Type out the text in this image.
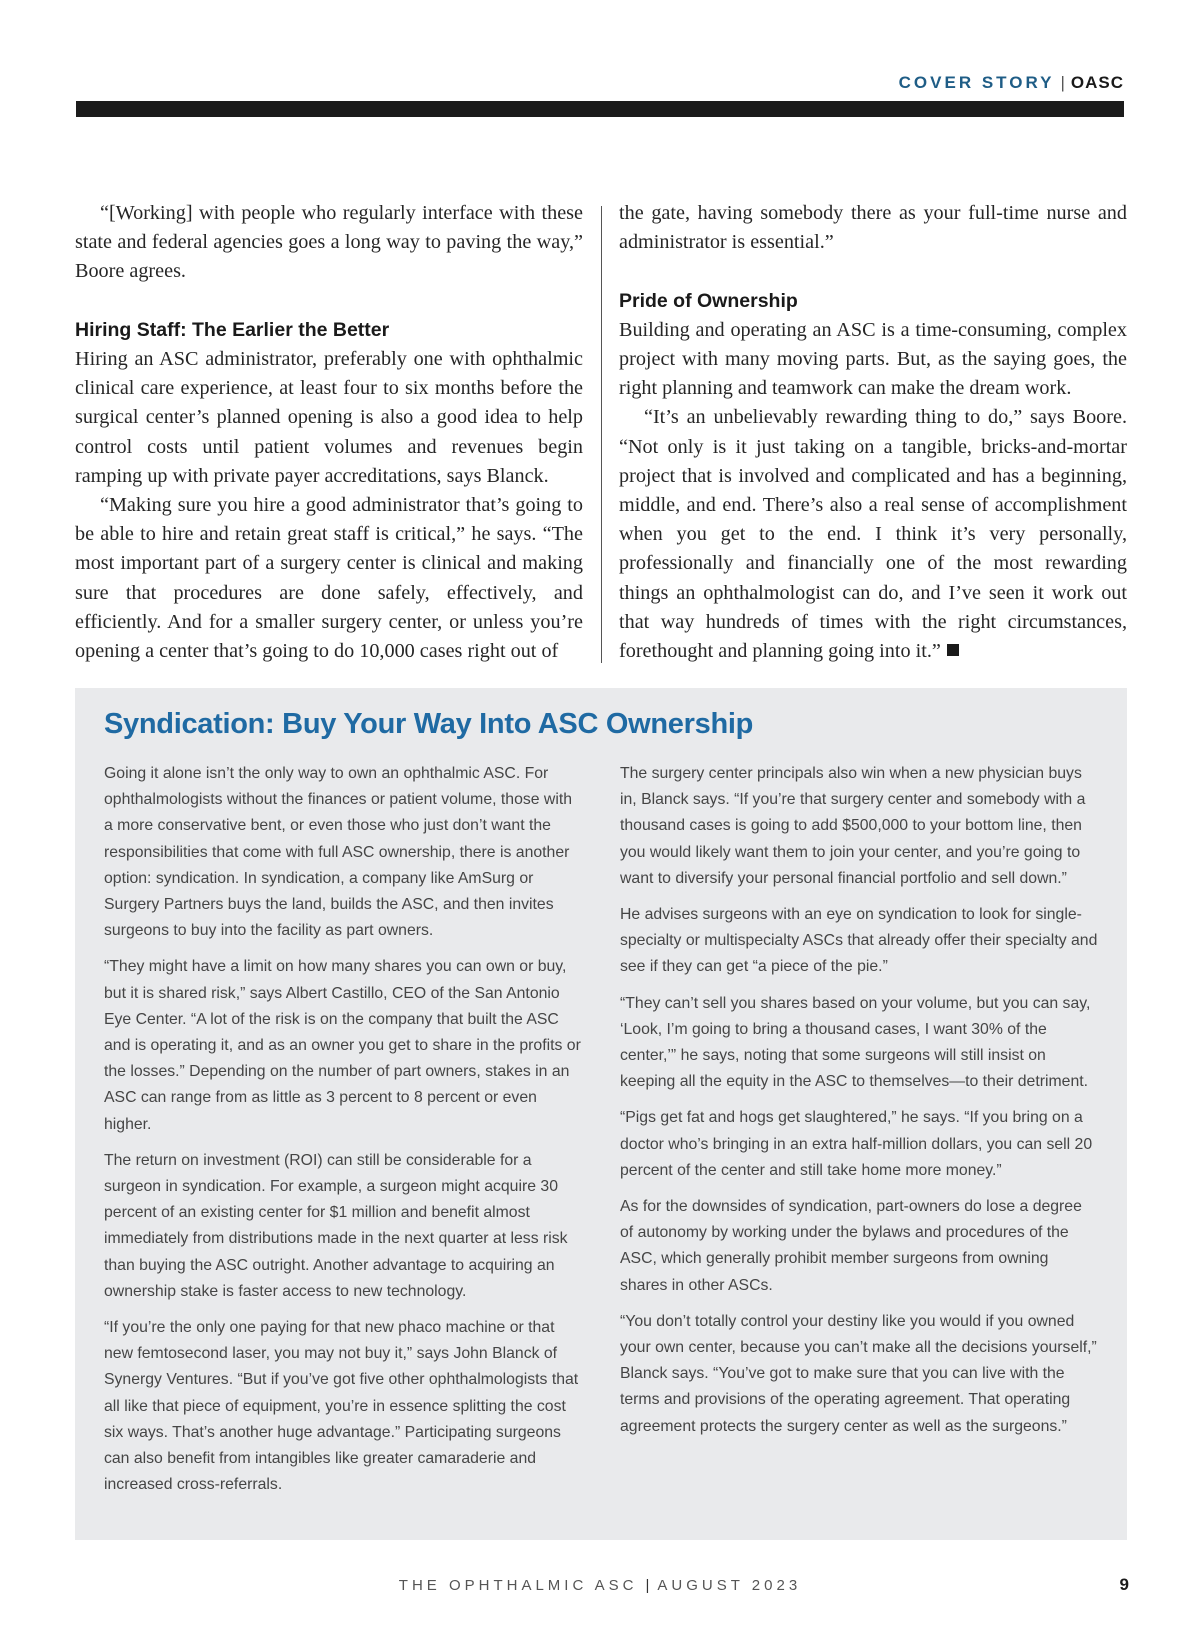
COVER STORY | OASC

“[Working] with people who regularly interface with these state and federal agencies goes a long way to paving the way,” Boore agrees.

Hiring Staff: The Earlier the Better

Hiring an ASC administrator, preferably one with ophthalmic clinical care experience, at least four to six months before the surgical center’s planned opening is also a good idea to help control costs until patient volumes and revenues begin ramping up with private payer accreditations, says Blanck.

“Making sure you hire a good administrator that’s going to be able to hire and retain great staff is critical,” he says. “The most important part of a surgery center is clinical and making sure that procedures are done safely, effectively, and efficiently. And for a smaller surgery center, or unless you’re opening a center that’s going to do 10,000 cases right out of

the gate, having somebody there as your full-time nurse and administrator is essential.”

Pride of Ownership

Building and operating an ASC is a time-consuming, complex project with many moving parts. But, as the saying goes, the right planning and teamwork can make the dream work.

“It’s an unbelievably rewarding thing to do,” says Boore. “Not only is it just taking on a tangible, bricks-and-mortar project that is involved and complicated and has a beginning, middle, and end. There’s also a real sense of accomplishment when you get to the end. I think it’s very personally, professionally and financially one of the most rewarding things an ophthalmologist can do, and I’ve seen it work out that way hundreds of times with the right circumstances, forethought and planning going into it.”

Syndication: Buy Your Way Into ASC Ownership

Going it alone isn’t the only way to own an ophthalmic ASC. For ophthalmologists without the finances or patient volume, those with a more conservative bent, or even those who just don’t want the responsibilities that come with full ASC ownership, there is another option: syndication. In syndication, a company like AmSurg or Surgery Partners buys the land, builds the ASC, and then invites surgeons to buy into the facility as part owners.

“They might have a limit on how many shares you can own or buy, but it is shared risk,” says Albert Castillo, CEO of the San Antonio Eye Center. “A lot of the risk is on the company that built the ASC and is operating it, and as an owner you get to share in the profits or the losses.” Depending on the number of part owners, stakes in an ASC can range from as little as 3 percent to 8 percent or even higher.

The return on investment (ROI) can still be considerable for a surgeon in syndication. For example, a surgeon might acquire 30 percent of an existing center for $1 million and benefit almost immediately from distributions made in the next quarter at less risk than buying the ASC outright. Another advantage to acquiring an ownership stake is faster access to new technology.

“If you’re the only one paying for that new phaco machine or that new femtosecond laser, you may not buy it,” says John Blanck of Synergy Ventures. “But if you’ve got five other ophthalmologists that all like that piece of equipment, you’re in essence splitting the cost six ways. That’s another huge advantage.” Participating surgeons can also benefit from intangibles like greater camaraderie and increased cross-referrals.

The surgery center principals also win when a new physician buys in, Blanck says. “If you’re that surgery center and somebody with a thousand cases is going to add $500,000 to your bottom line, then you would likely want them to join your center, and you’re going to want to diversify your personal financial portfolio and sell down.”

He advises surgeons with an eye on syndication to look for single-specialty or multispecialty ASCs that already offer their specialty and see if they can get “a piece of the pie.”

“They can’t sell you shares based on your volume, but you can say, ‘Look, I’m going to bring a thousand cases, I want 30% of the center,’” he says, noting that some surgeons will still insist on keeping all the equity in the ASC to themselves—to their detriment.

“Pigs get fat and hogs get slaughtered,” he says. “If you bring on a doctor who’s bringing in an extra half-million dollars, you can sell 20 percent of the center and still take home more money.”

As for the downsides of syndication, part-owners do lose a degree of autonomy by working under the bylaws and procedures of the ASC, which generally prohibit member surgeons from owning shares in other ASCs.

“You don’t totally control your destiny like you would if you owned your own center, because you can’t make all the decisions yourself,” Blanck says. “You’ve got to make sure that you can live with the terms and provisions of the operating agreement. That operating agreement protects the surgery center as well as the surgeons.”

THE OPHTHALMIC ASC | AUGUST 2023	9
